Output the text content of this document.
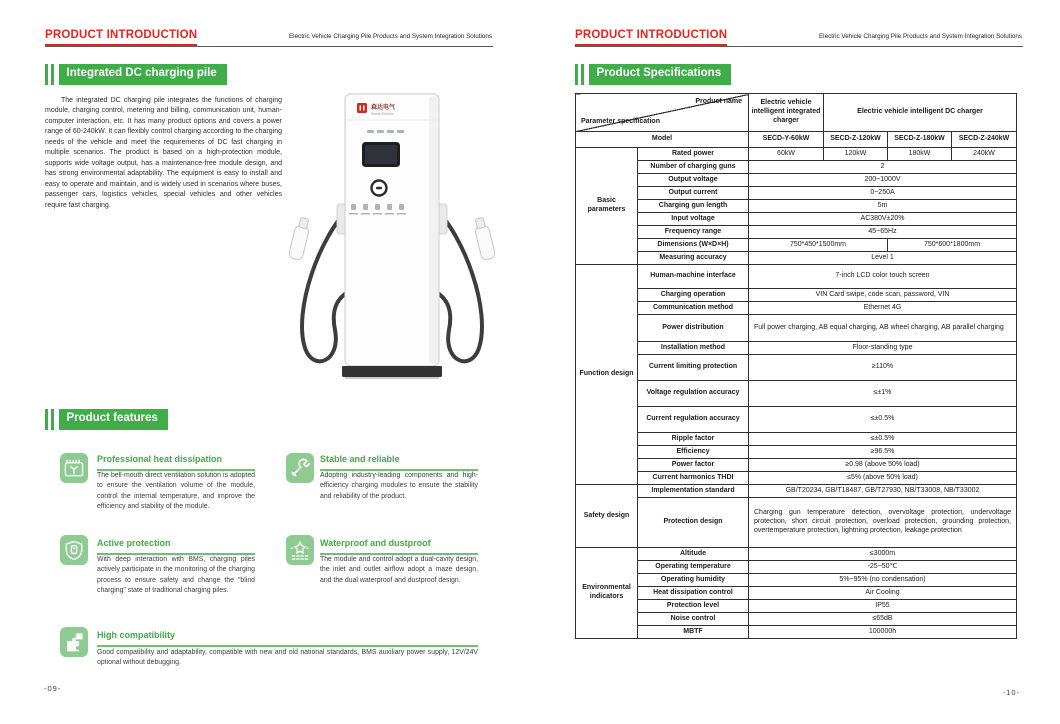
PRODUCT INTRODUCTION	Electric Vehicle Charging Pile Products and System Integration Solutions
Integrated DC charging pile

The integrated DC charging pile integrates the functions of charging module, charging control, metering and billing, communication unit, human-computer interaction, etc. It has many product options and covers a power range of 60-240kW. It can flexibly control charging according to the charging needs of the vehicle and meet the requirements of DC fast charging in multiple scenarios. The product is based on a high-protection module, supports wide voltage output, has a maintenance-free module design, and has strong environmental adaptability. The equipment is easy to install and easy to operate and maintain, and is widely used in scenarios where buses, passenger cars, logistics vehicles, special vehicles and other vehicles require fast charging.

森达电气
Senda Electric
Product features
Professional heat dissipation

The bell-mouth direct ventilation solution is adopted to ensure the ventilation volume of the module, control the internal temperature, and improve the efficiency and stability of the module.

Stable and reliable

Adopting industry-leading components and high-efficiency charging modules to ensure the stability and reliability of the product.

Active protection

With deep interaction with BMS, charging piles actively participate in the monitoring of the charging process to ensure safety and change the "blind charging" state of traditional charging piles.

Waterproof and dustproof

The module and control adopt a dual-cavity design, the inlet and outlet airflow adopt a maze design, and the dual waterproof and dustproof design.

High compatibility

Good compatibility and adaptability, compatible with new and old national standards, BMS auxiliary power supply, 12V/24V optional without debugging.

-09-
PRODUCT INTRODUCTION	Electric Vehicle Charging Pile Products and System Integration Solutions
Product Specifications
Product name
Parameter specification		Electric vehicle intelligent integrated charger	Electric vehicle intelligent DC charger		
Model		SECD-Y-60kW	SECD-Z-120kW	SECD-Z-180kW	SECD-Z-240kW
Basic parameters	Rated power	60kW	120kW	180kW	240kW
	Number of charging guns	2			
	Output voltage	200~1000V			
	Output current	0~250A			
	Charging gun length	5m			
	Input voltage	AC380V±20%			
	Frequency range	45~65Hz			
	Dimensions (W×D×H)	750*450*1500mm		750*600*1800mm	
	Measuring accuracy	Level 1			
Function design	Human-machine interface	7-inch LCD color touch screen			
	Charging operation	VIN Card swipe, code scan, password, VIN			
	Communication method	Ethernet 4G			
	Power distribution	Full power charging, AB equal charging, AB wheel charging, AB parallel charging			
	Installation method	Floor-standing type			
	Current limiting protection	≥110%			
	Voltage regulation accuracy	≤±1%			
	Current regulation accuracy	≤±0.5%			
	Ripple factor	≤±0.5%			
	Efficiency	≥96.5%			
	Power factor	≥0.98 (above 50% load)			
	Current harmonics THDI	≤5% (above 50% load)			
Safety design	Implementation standard	GB/T20234, GB/T18487, GB/T27930, NB/T33008, NB/T33002			
	Protection design	Charging gun temperature detection, overvoltage protection, undervoltage protection, short circuit protection, overload protection, grounding protection, overtemperature protection, lightning protection, leakage protection			
Environmental indicators	Altitude	≤3000m			
	Operating temperature	-25~50℃			
	Operating humidity	5%~95% (no condensation)			
	Heat dissipation control	Air Cooling			
	Protection level	IP55			
	Noise control	≤65dB			
	MBTF	100000h			
-10-
